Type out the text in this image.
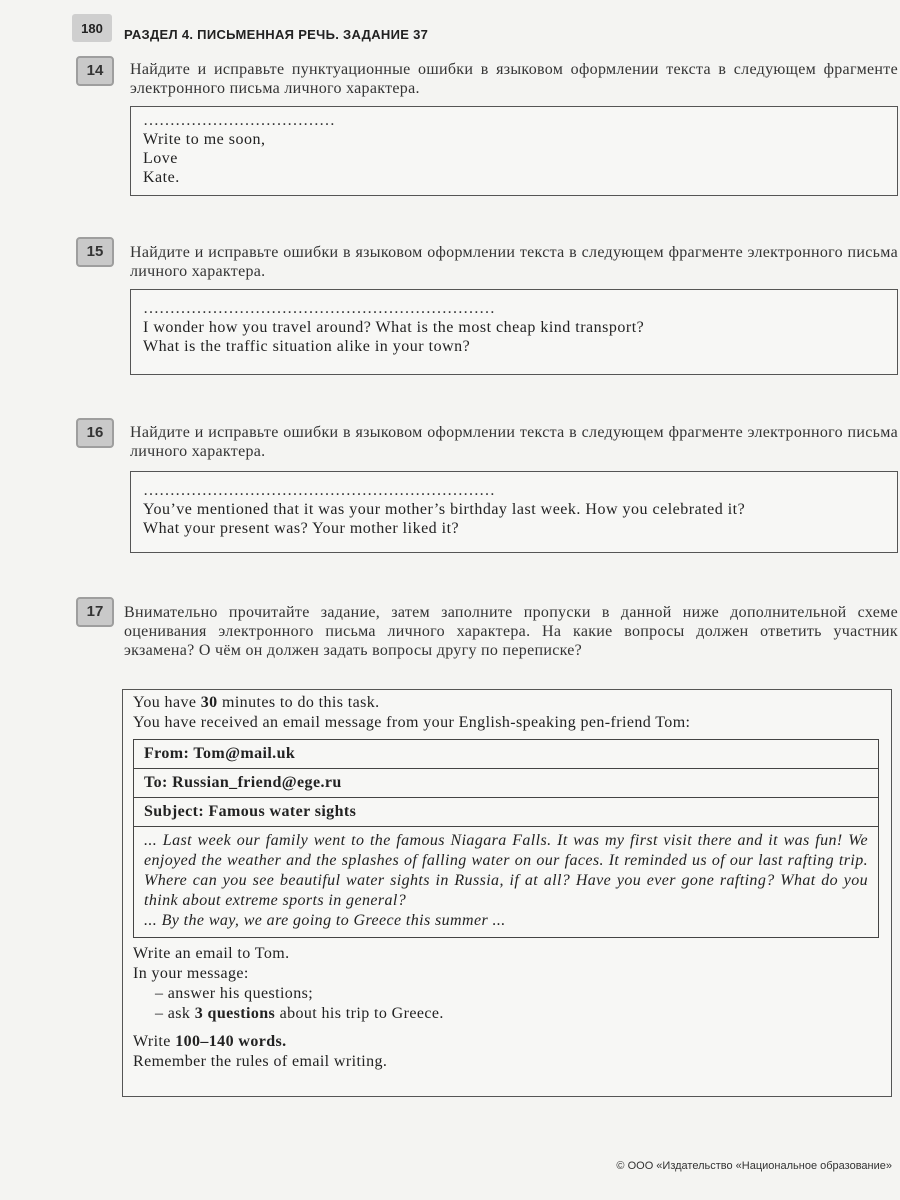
180	РАЗДЕЛ 4. ПИСЬМЕННАЯ РЕЧЬ. ЗАДАНИЕ 37
14	Найдите и исправьте пунктуационные ошибки в языковом оформлении текста в следующем фрагменте электронного письма личного характера.

………………………………

Write to me soon,

Love

Kate.

15	Найдите и исправьте ошибки в языковом оформлении текста в следующем фрагменте электронного письма личного характера.

…………………………………………………………

I wonder how you travel around? What is the most cheap kind transport?

What is the traffic situation alike in your town?

16	Найдите и исправьте ошибки в языковом оформлении текста в следующем фрагменте электронного письма личного характера.

…………………………………………………………

You’ve mentioned that it was your mother’s birthday last week. How you celebrated it?

What your present was? Your mother liked it?

17	Внимательно прочитайте задание, затем заполните пропуски в данной ниже дополнительной схеме оценивания электронного письма личного характера. На какие вопросы должен ответить участник экзамена? О чём он должен задать вопросы другу по переписке?

You have 30 minutes to do this task.

You have received an email message from your English-speaking pen-friend Tom:

From: Tom@mail.uk
To: Russian_friend@ege.ru
Subject: Famous water sights

... Last week our family went to the famous Niagara Falls. It was my first visit there and it was fun! We enjoyed the weather and the splashes of falling water on our faces. It reminded us of our last rafting trip. Where can you see beautiful water sights in Russia, if at all? Have you ever gone rafting? What do you think about extreme sports in general?

... By the way, we are going to Greece this summer ...

Write an email to Tom.

In your message:

– answer his questions;

– ask 3 questions about his trip to Greece.

Write 100–140 words.

Remember the rules of email writing.

© ООО «Издательство «Национальное образование»
